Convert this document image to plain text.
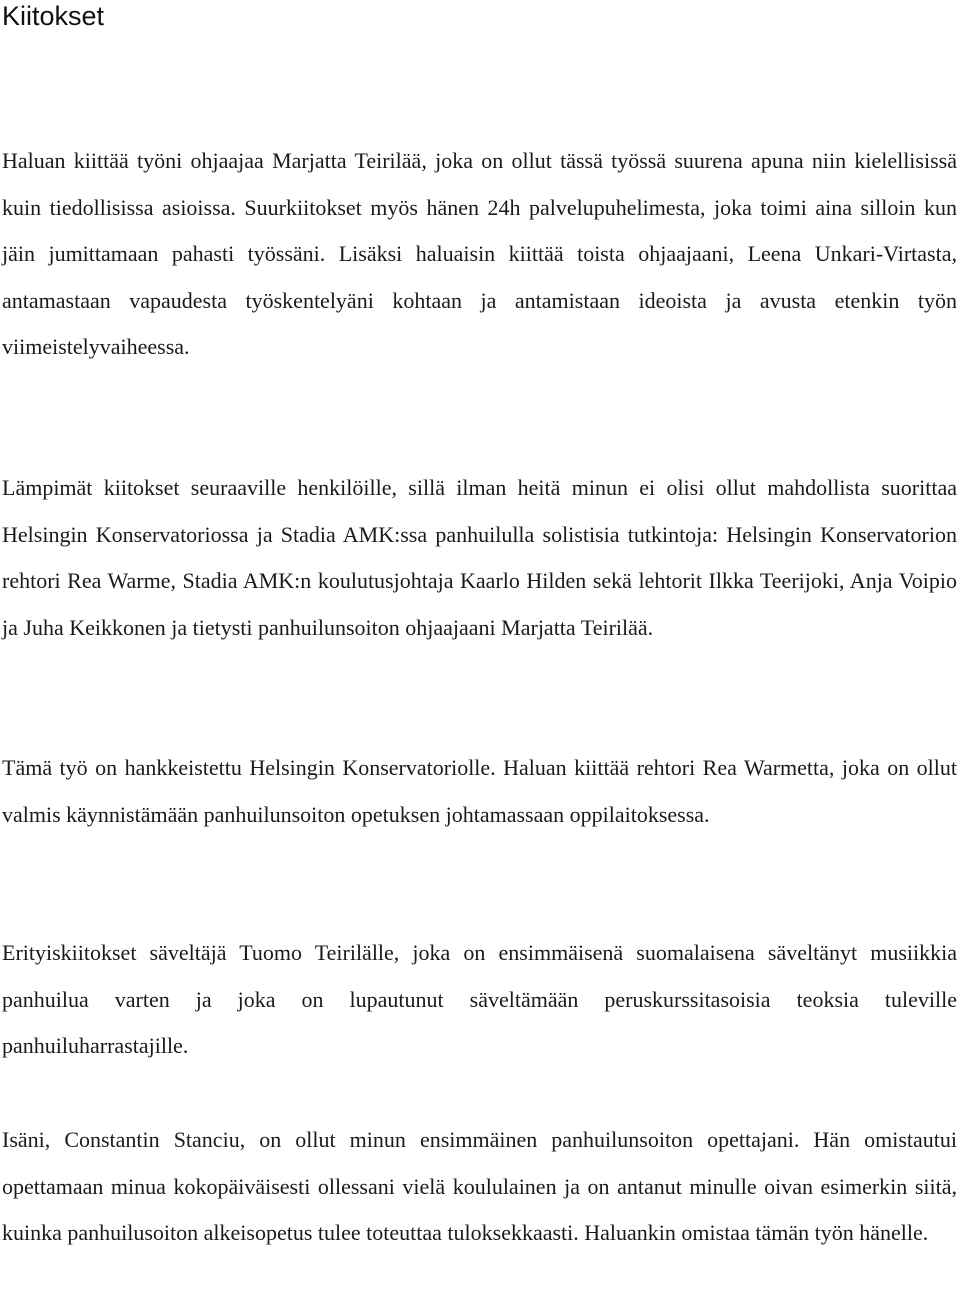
Kiitokset

Haluan kiittää työni ohjaajaa Marjatta Teirilää, joka on ollut tässä työssä suurena apuna niin kielellisissä kuin tiedollisissa asioissa. Suurkiitokset myös hänen 24h palvelupuhelimesta, joka toimi aina silloin kun jäin jumittamaan pahasti työssäni. Lisäksi haluaisin kiittää toista ohjaajaani, Leena Unkari-Virtasta, antamastaan vapaudesta työskentelyäni kohtaan ja antamistaan ideoista ja avusta etenkin työn viimeistelyvaiheessa.

Lämpimät kiitokset seuraaville henkilöille, sillä ilman heitä minun ei olisi ollut mahdollista suorittaa Helsingin Konservatoriossa ja Stadia AMK:ssa panhuilulla solistisia tutkintoja: Helsingin Konservatorion rehtori Rea Warme, Stadia AMK:n koulutusjohtaja Kaarlo Hilden sekä lehtorit Ilkka Teerijoki, Anja Voipio ja Juha Keikkonen ja tietysti panhuilunsoiton ohjaajaani Marjatta Teirilää.

Tämä työ on hankkeistettu Helsingin Konservatoriolle. Haluan kiittää rehtori Rea Warmetta, joka on ollut valmis käynnistämään panhuilunsoiton opetuksen johtamassaan oppilaitoksessa.

Erityiskiitokset säveltäjä Tuomo Teirilälle, joka on ensimmäisenä suomalaisena säveltänyt musiikkia panhuilua varten ja joka on lupautunut säveltämään peruskurssitasoisia teoksia tuleville panhuiluharrastajille.

Isäni, Constantin Stanciu, on ollut minun ensimmäinen panhuilunsoiton opettajani. Hän omistautui opettamaan minua kokopäiväisesti ollessani vielä koululainen ja on antanut minulle oivan esimerkin siitä, kuinka panhuilusoiton alkeisopetus tulee toteuttaa tuloksekkaasti. Haluankin omistaa tämän työn hänelle.
